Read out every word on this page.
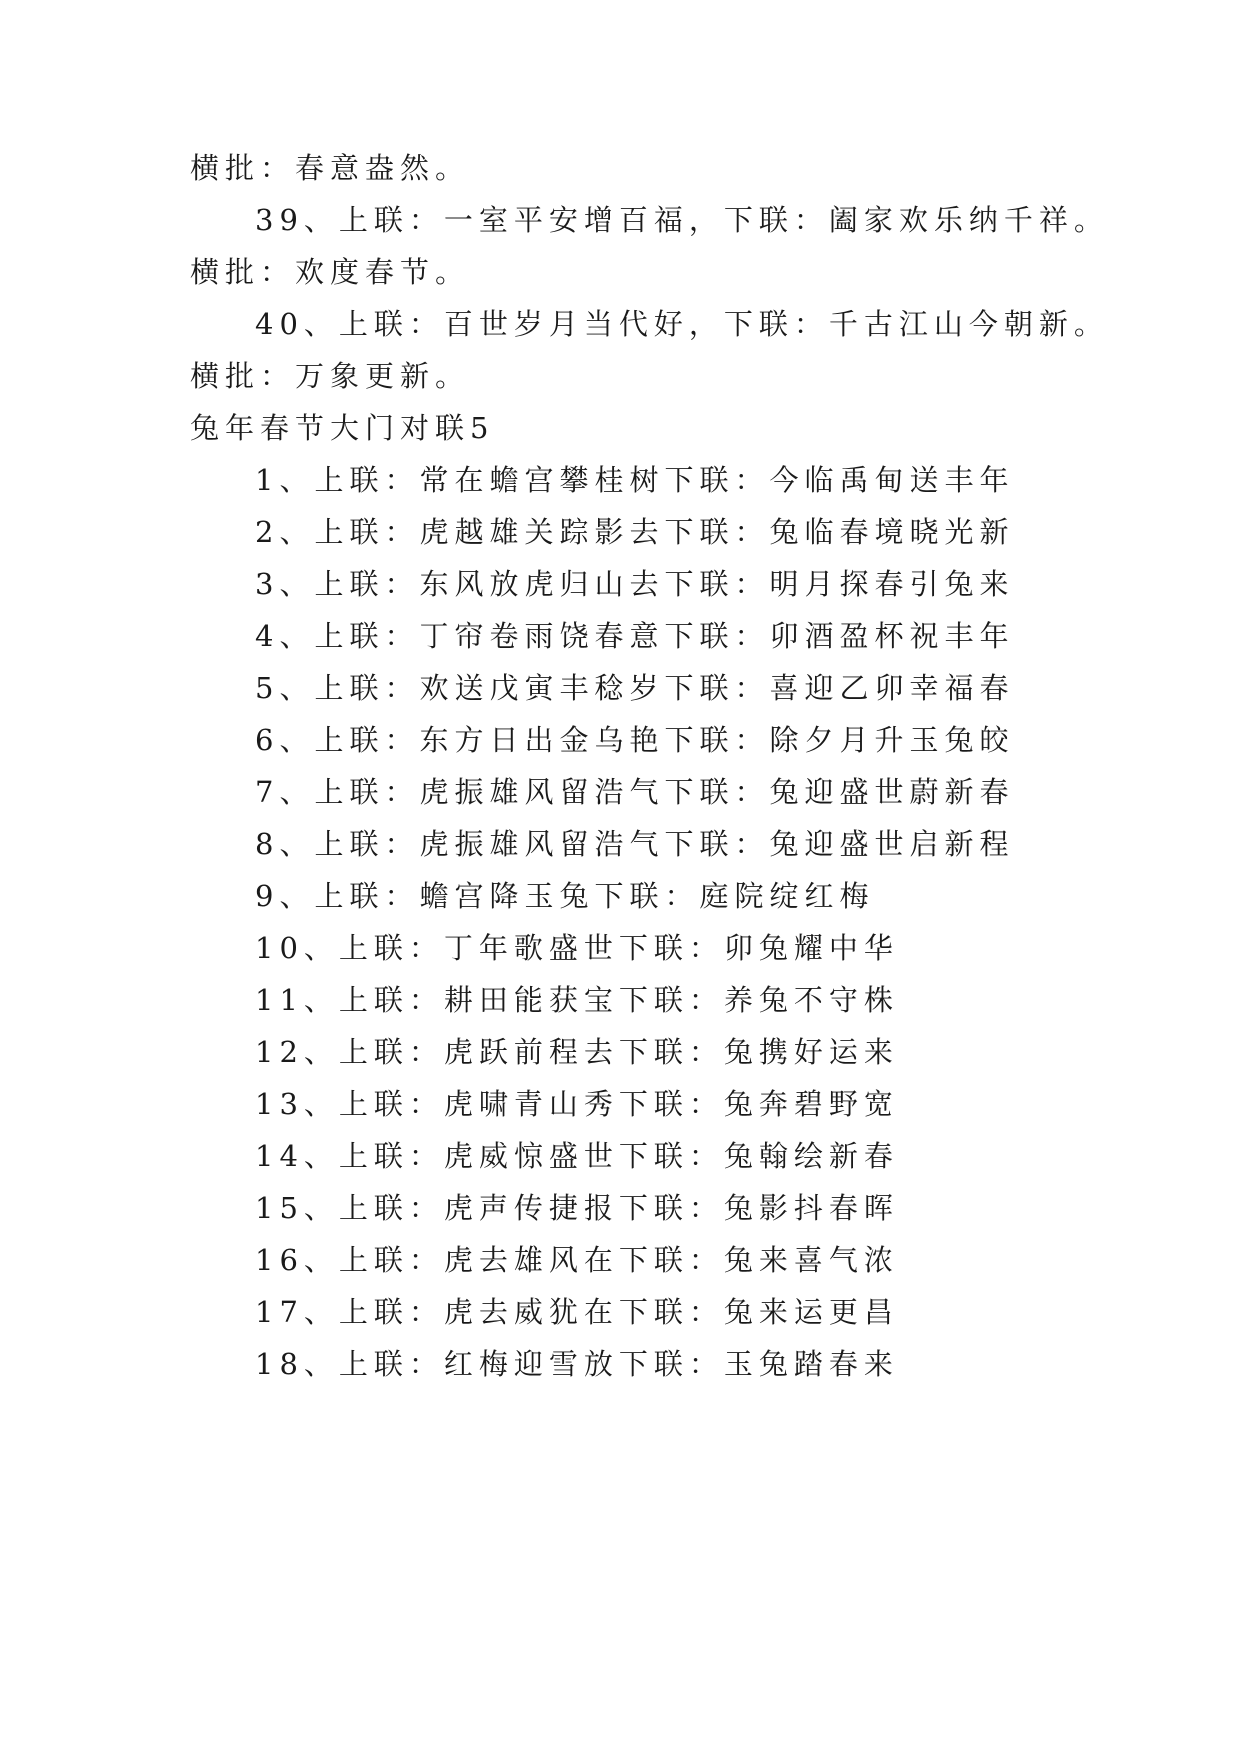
横批：春意盎然。
39、上联：一室平安增百福，下联：阖家欢乐纳千祥。
横批：欢度春节。
40、上联：百世岁月当代好，下联：千古江山今朝新。
横批：万象更新。
兔年春节大门对联5
1、上联：常在蟾宫攀桂树下联：今临禹甸送丰年
2、上联：虎越雄关踪影去下联：兔临春境晓光新
3、上联：东风放虎归山去下联：明月探春引兔来
4、上联：丁帘卷雨饶春意下联：卯酒盈杯祝丰年
5、上联：欢送戊寅丰稔岁下联：喜迎乙卯幸福春
6、上联：东方日出金乌艳下联：除夕月升玉兔皎
7、上联：虎振雄风留浩气下联：兔迎盛世蔚新春
8、上联：虎振雄风留浩气下联：兔迎盛世启新程
9、上联：蟾宫降玉兔下联：庭院绽红梅
10、上联：丁年歌盛世下联：卯兔耀中华
11、上联：耕田能获宝下联：养兔不守株
12、上联：虎跃前程去下联：兔携好运来
13、上联：虎啸青山秀下联：兔奔碧野宽
14、上联：虎威惊盛世下联：兔翰绘新春
15、上联：虎声传捷报下联：兔影抖春晖
16、上联：虎去雄风在下联：兔来喜气浓
17、上联：虎去威犹在下联：兔来运更昌
18、上联：红梅迎雪放下联：玉兔踏春来
